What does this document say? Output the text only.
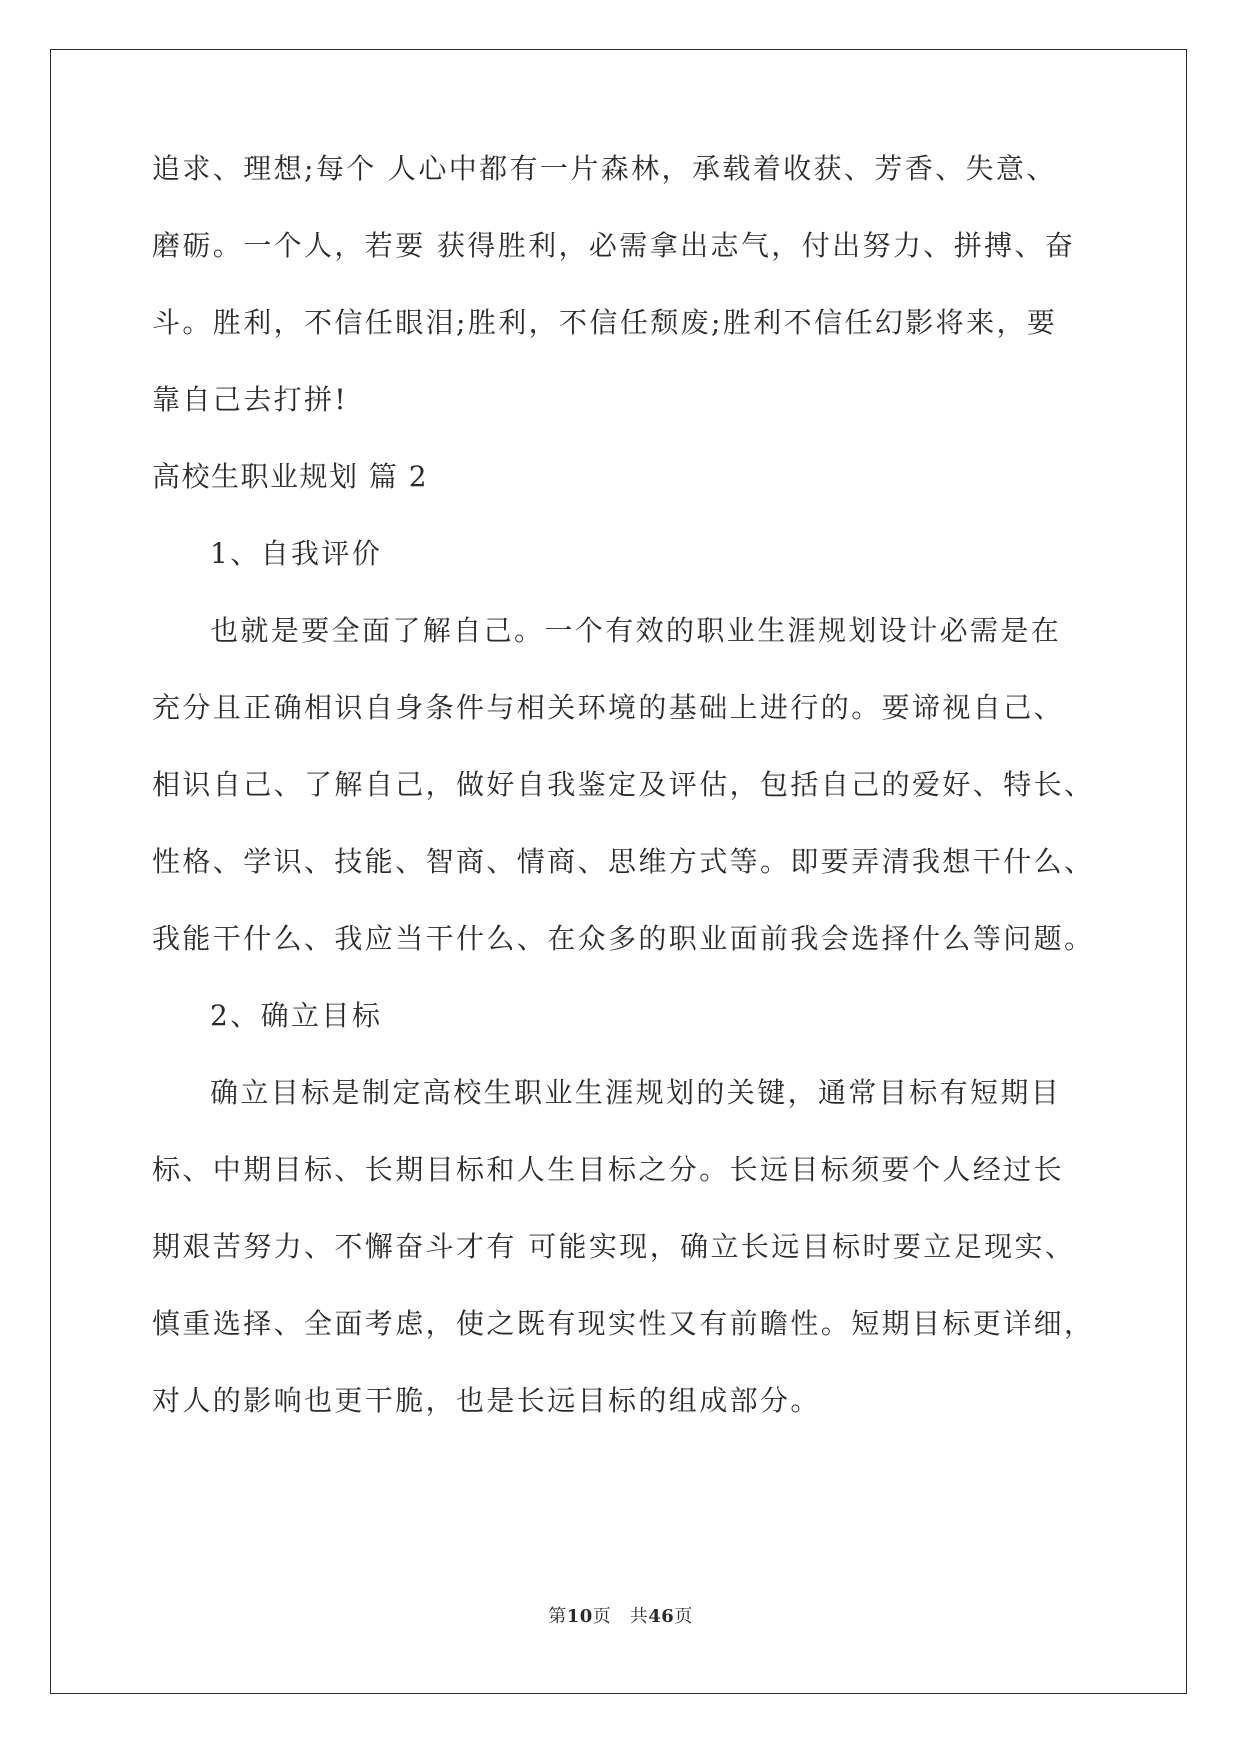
追求、理想;每个 人心中都有一片森林，承载着收获、芳香、失意、
磨砺。一个人，若要 获得胜利，必需拿出志气，付出努力、拼搏、奋
斗。胜利，不信任眼泪;胜利，不信任颓废;胜利不信任幻影将来，要
靠自己去打拼!
高校生职业规划 篇 2
1、自我评价
也就是要全面了解自己。一个有效的职业生涯规划设计必需是在
充分且正确相识自身条件与相关环境的基础上进行的。要谛视自己、
相识自己、了解自己，做好自我鉴定及评估，包括自己的爱好、特长、
性格、学识、技能、智商、情商、思维方式等。即要弄清我想干什么、
我能干什么、我应当干什么、在众多的职业面前我会选择什么等问题。
2、确立目标
确立目标是制定高校生职业生涯规划的关键，通常目标有短期目
标、中期目标、长期目标和人生目标之分。长远目标须要个人经过长
期艰苦努力、不懈奋斗才有 可能实现，确立长远目标时要立足现实、
慎重选择、全面考虑，使之既有现实性又有前瞻性。短期目标更详细，
对人的影响也更干脆，也是长远目标的组成部分。
第10页　共46页
